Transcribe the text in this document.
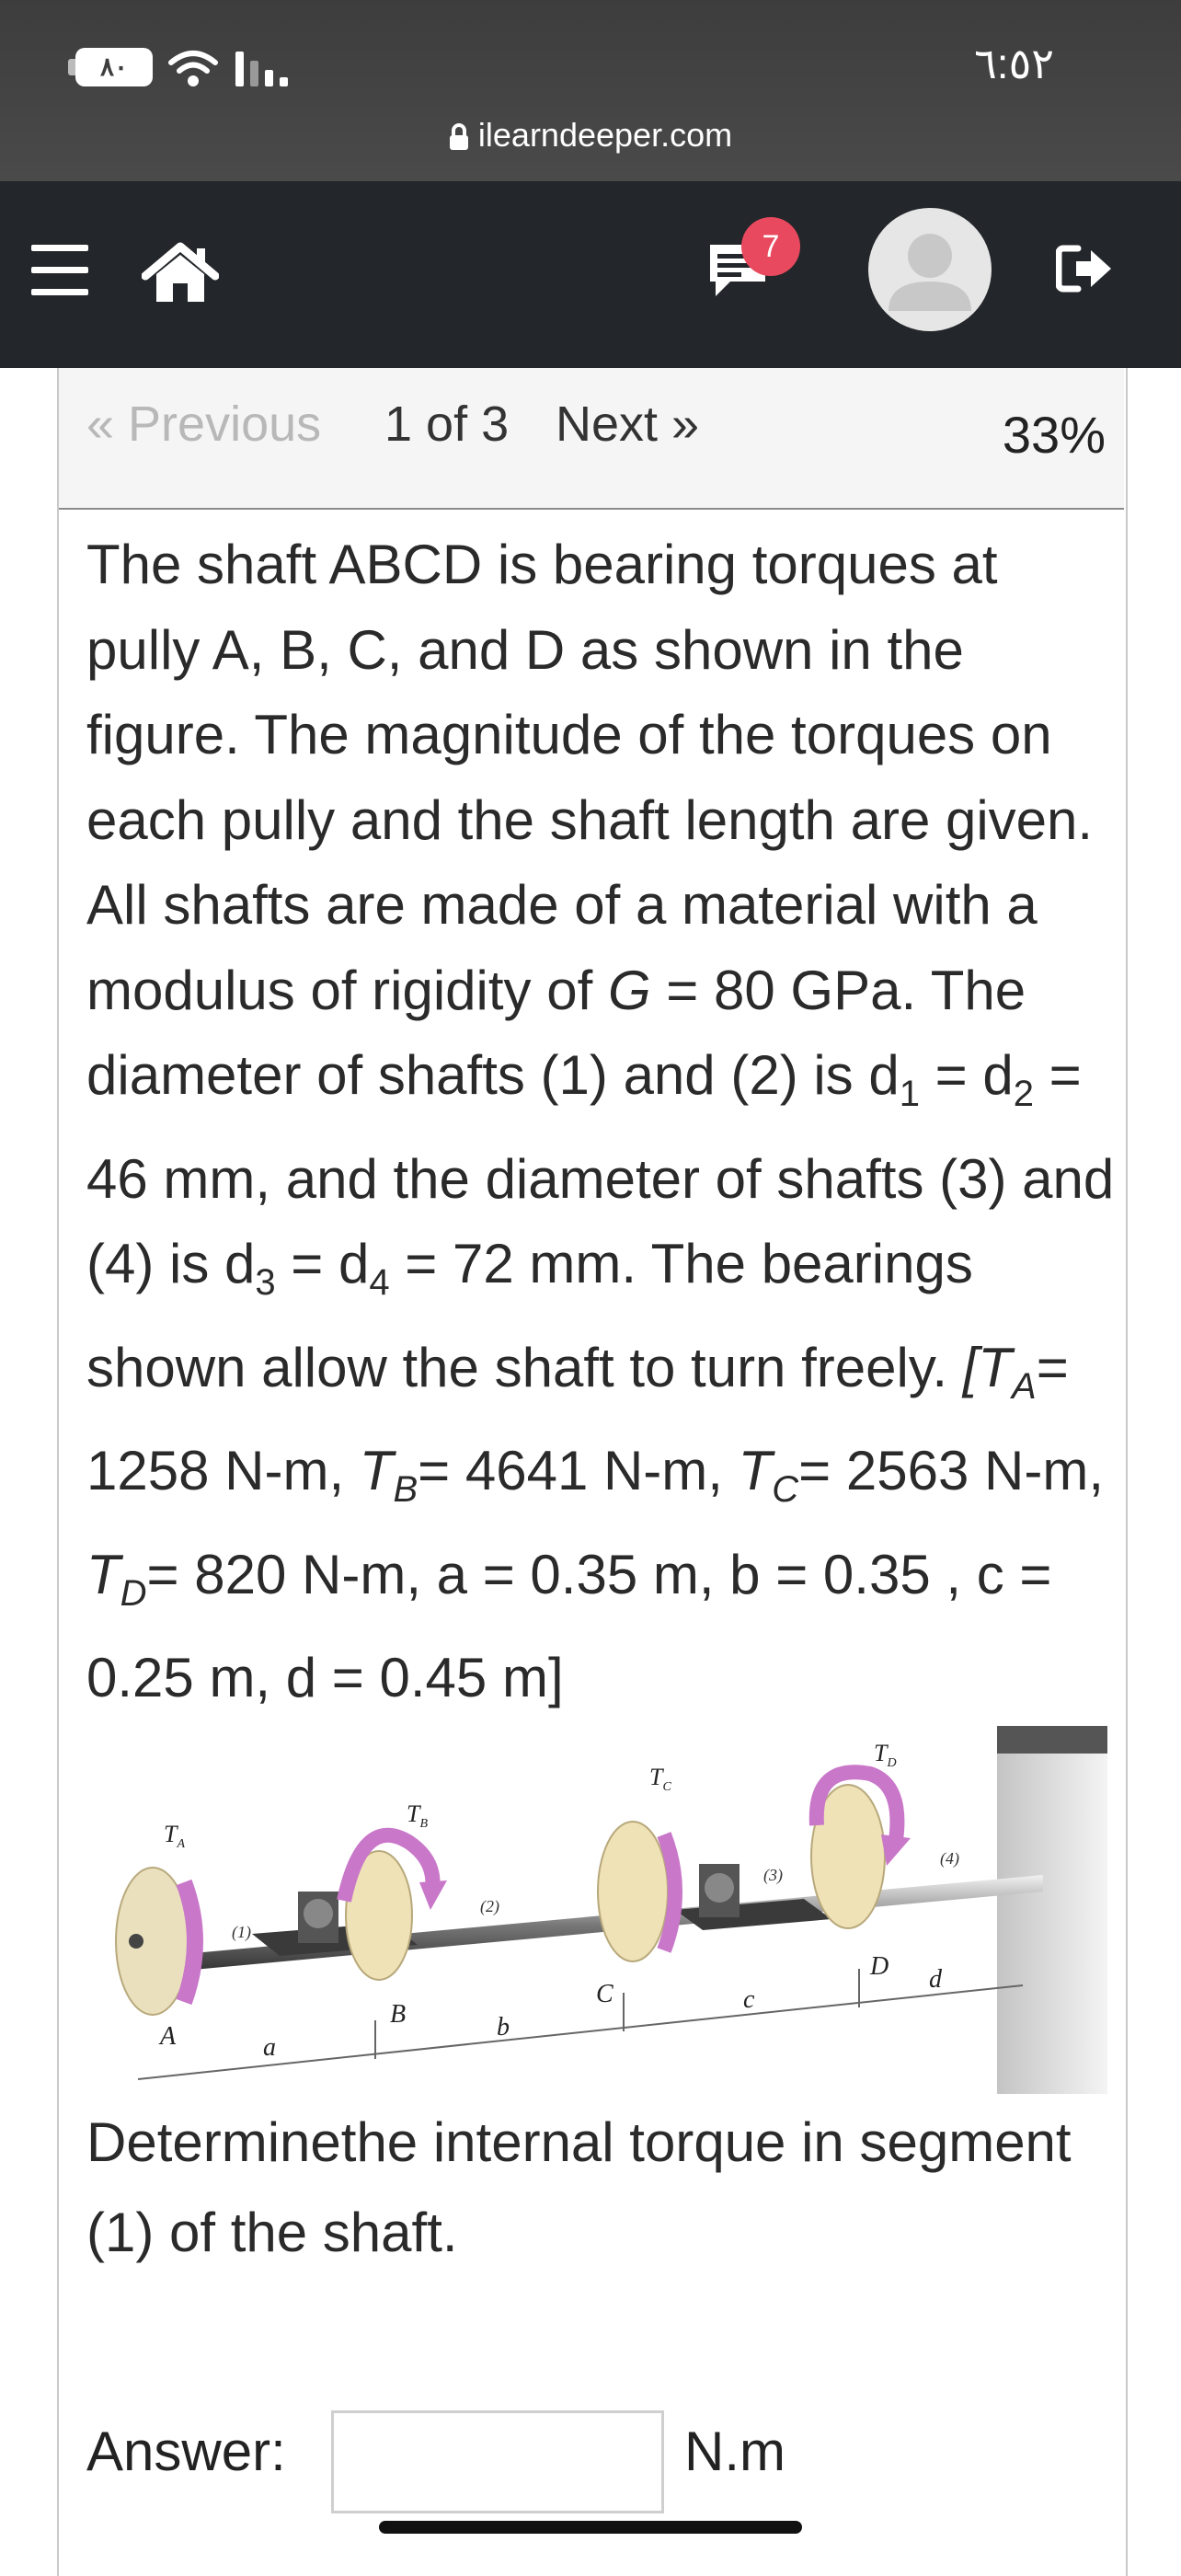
٨٠	٦:٥٢
ilearndeeper.com
7
« Previous 1 of 3 Next »	33%
The shaft ABCD is bearing torques at pully A, B, C, and D as shown in the figure. The magnitude of the torques on each pully and the shaft length are given. All shafts are made of a material with a modulus of rigidity of G = 80 GPa. The diameter of shafts (1) and (2) is $d_1 = d_2 = 46$ mm, and the diameter of shafts (3) and (4) is $d_3 = d_4 = 72$ mm. The bearings shown allow the shaft to turn freely. [$T_A= 1258$ N-m, $T_B= 4641$ N-m, $T_C= 2563$ N-m, $T_D= 820$ N-m, a = 0.35 m, b = 0.35 , c = 0.25 m, d = 0.45 m]
$T_A$
$T_B$
$T_C$
$T_D$
(1)
(2)
(3)
(4)
A
B
C
D
a
b
c
d
Determinethe internal torque in segment (1) of the shaft.
Answer:	N.m
